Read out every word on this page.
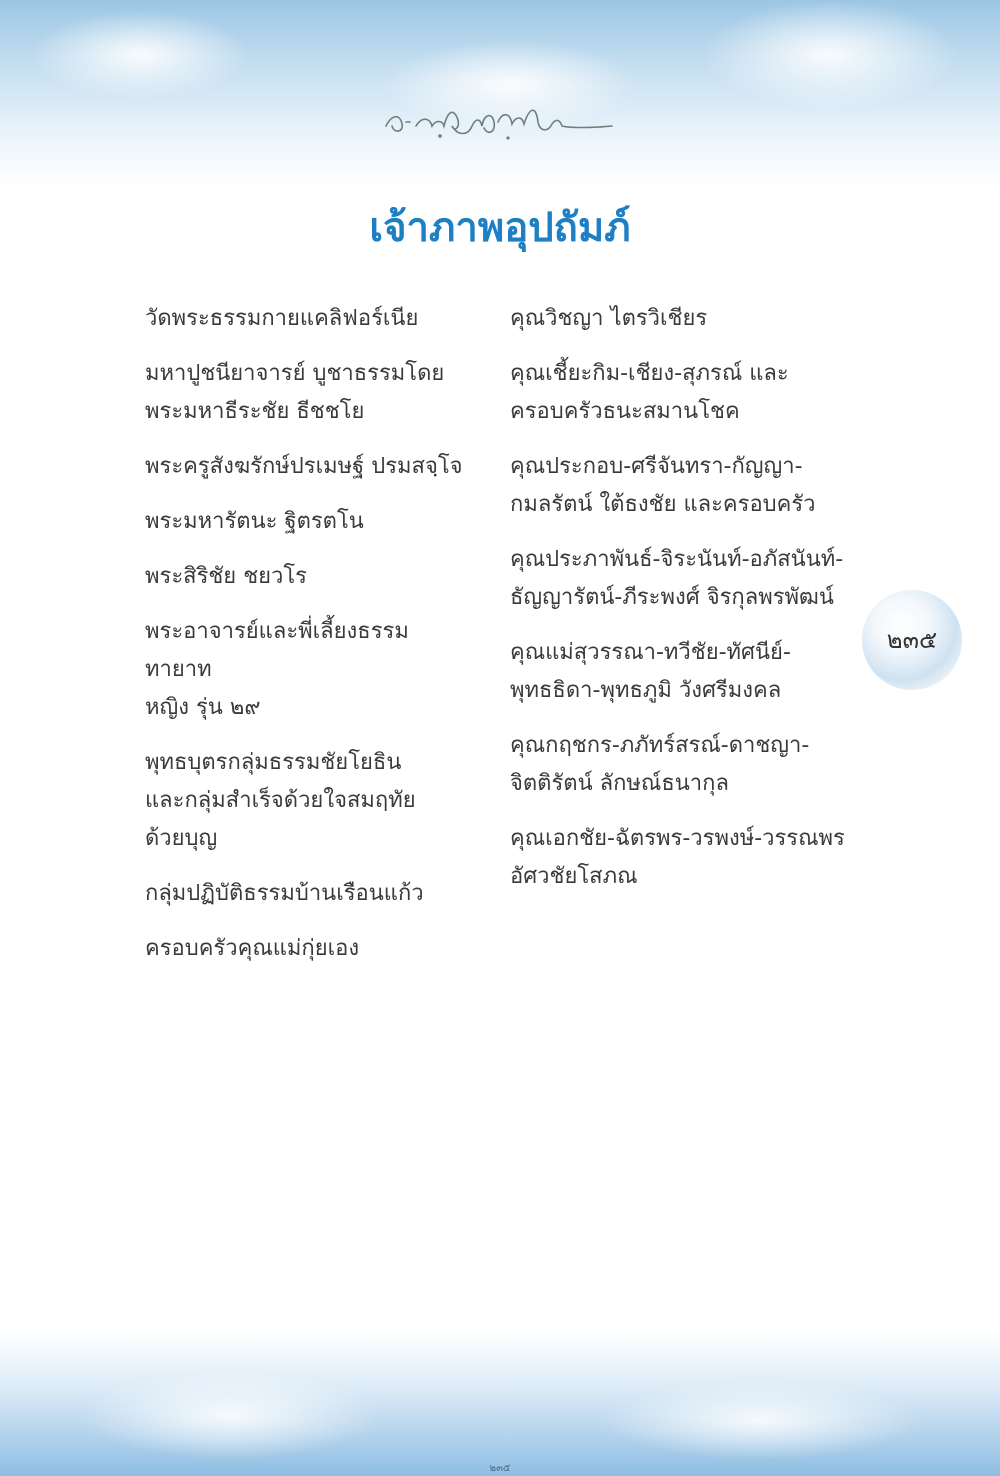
เจ้าภาพอุปถัมภ์

วัดพระธรรมกายแคลิฟอร์เนีย

มหาปูชนียาจารย์ บูชาธรรมโดย
พระมหาธีระชัย ธีชชโย

พระครูสังฆรักษ์ปรเมษฐ์ ปรมสจฺโจ

พระมหารัตนะ ฐิตรตโน

พระสิริชัย ชยวโร

พระอาจารย์และพี่เลี้ยงธรรมทายาท
หญิง รุ่น ๒๙

พุทธบุตรกลุ่มธรรมชัยโยธิน
และกลุ่มสำเร็จด้วยใจสมฤทัย
ด้วยบุญ

กลุ่มปฏิบัติธรรมบ้านเรือนแก้ว

ครอบครัวคุณแม่กุ่ยเอง

คุณวิชญา ไตรวิเชียร

คุณเชี้ยะกิม-เชียง-สุภรณ์ และ
ครอบครัวธนะสมานโชค

คุณประกอบ-ศรีจันทรา-กัญญา-
กมลรัตน์ ใต้ธงชัย และครอบครัว

คุณประภาพันธ์-จิระนันท์-อภัสนันท์-
ธัญญารัตน์-ภีระพงศ์ จิรกุลพรพัฒน์

คุณแม่สุวรรณา-ทวีชัย-ทัศนีย์-
พุทธธิดา-พุทธภูมิ วังศรีมงคล

คุณกฤชกร-ภภัทร์สรณ์-ดาชญา-
จิตติรัตน์ ลักษณ์ธนากุล

คุณเอกชัย-ฉัตรพร-วรพงษ์-วรรณพร
อัศวชัยโสภณ

๒๓๕
๒๓๕
